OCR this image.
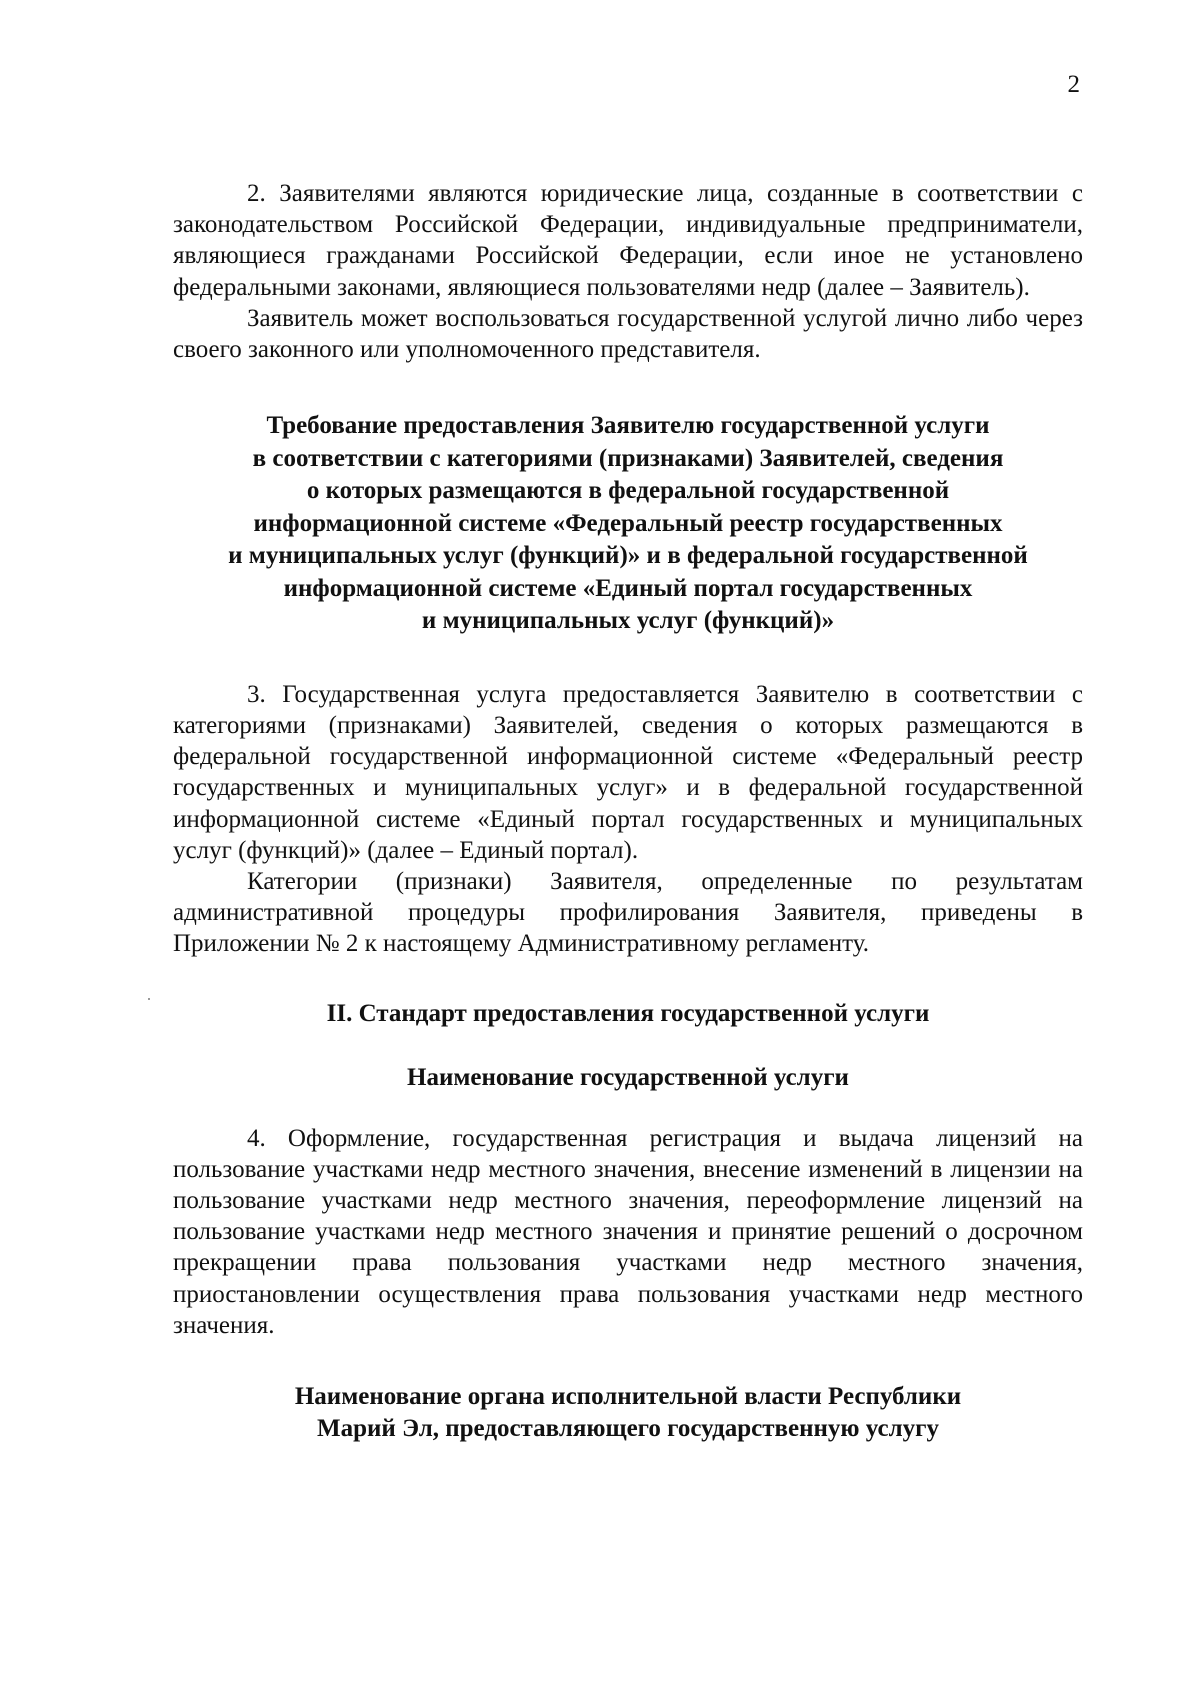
2

2. Заявителями являются юридические лица, созданные в соответствии с законодательством Российской Федерации, индивидуальные предприниматели, являющиеся гражданами Российской Федерации, если иное не установлено федеральными законами, являющиеся пользователями недр (далее – Заявитель).

Заявитель может воспользоваться государственной услугой лично либо через своего законного или уполномоченного представителя.

Требование предоставления Заявителю государственной услуги
в соответствии с категориями (признаками) Заявителей, сведения
о которых размещаются в федеральной государственной
информационной системе «Федеральный реестр государственных
и муниципальных услуг (функций)» и в федеральной государственной
информационной системе «Единый портал государственных
и муниципальных услуг (функций)»

3. Государственная услуга предоставляется Заявителю в соответствии с категориями (признаками) Заявителей, сведения о которых размещаются в федеральной государственной информационной системе «Федеральный реестр государственных и муниципальных услуг» и в федеральной государственной информационной системе «Единый портал государственных и муниципальных услуг (функций)» (далее – Единый портал).

Категории (признаки) Заявителя, определенные по результатам административной процедуры профилирования Заявителя, приведены в Приложении № 2 к настоящему Административному регламенту.

II. Стандарт предоставления государственной услуги
Наименование государственной услуги

4. Оформление, государственная регистрация и выдача лицензий на пользование участками недр местного значения, внесение изменений в лицензии на пользование участками недр местного значения, переоформление лицензий на пользование участками недр местного значения и принятие решений о досрочном прекращении права пользования участками недр местного значения, приостановлении осуществления права пользования участками недр местного значения.

Наименование органа исполнительной власти Республики
Марий Эл, предоставляющего государственную услугу
